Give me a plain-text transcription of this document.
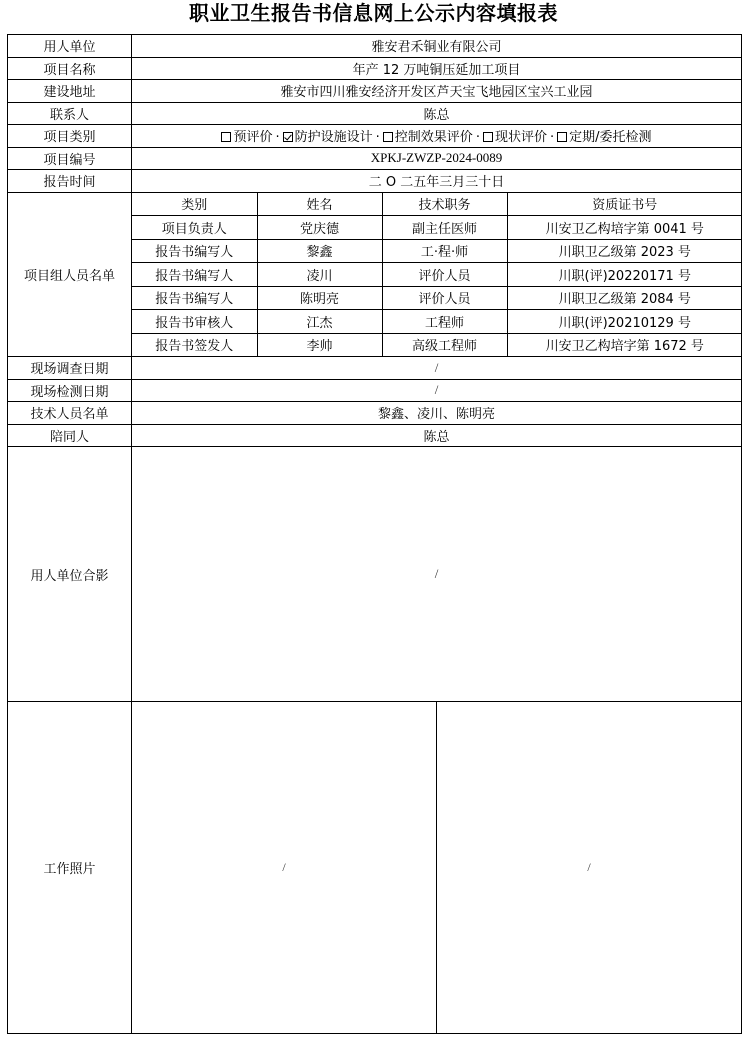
职业卫生报告书信息网上公示内容填报表
用人单位	雅安君禾铜业有限公司
项目名称	年产 12 万吨铜压延加工项目
建设地址	雅安市四川雅安经济开发区芦天宝飞地园区宝兴工业园
联系人	陈总
项目类别	预评价 · 防护设施设计 · 控制效果评价 · 现状评价 · 定期/委托检测
项目编号	XPKJ-ZWZP-2024-0089
报告时间	二 O 二五年三月三十日
项目组人员名单	
类别	姓名	技术职务	资质证书号
项目负责人	党庆德	副主任医师	川安卫乙构培字第 0041 号
报告书编写人	黎鑫	工·程·师	川职卫乙级第 2023 号
报告书编写人	凌川	评价人员	川职(评)20220171 号
报告书编写人	陈明亮	评价人员	川职卫乙级第 2084 号
报告书审核人	江杰	工程师	川职(评)20210129 号
报告书签发人	李帅	高级工程师	川安卫乙构培字第 1672 号

现场调查日期	/
现场检测日期	/
技术人员名单	黎鑫、凌川、陈明亮
陪同人	陈总
用人单位合影	/
工作照片	/	/
